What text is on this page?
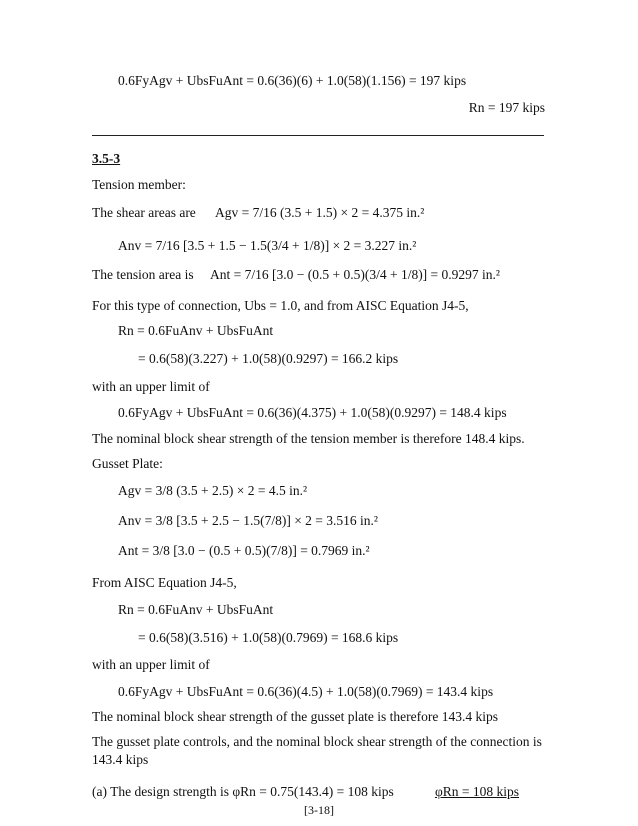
0.6FyAgv + UbsFuAnt = 0.6(36)(6) + 1.0(58)(1.156) = 197 kips
Rn = 197 kips
3.5-3
Tension member:
The shear areas are Agv = 7/16 (3.5 + 1.5) × 2 = 4.375 in.²
Anv = 7/16 [3.5 + 1.5 − 1.5(3/4 + 1/8)] × 2 = 3.227 in.²
The tension area is Ant = 7/16 [3.0 − (0.5 + 0.5)(3/4 + 1/8)] = 0.9297 in.²
For this type of connection, Ubs = 1.0, and from AISC Equation J4-5,
Rn = 0.6FuAnv + UbsFuAnt
= 0.6(58)(3.227) + 1.0(58)(0.9297) = 166.2 kips
with an upper limit of
0.6FyAgv + UbsFuAnt = 0.6(36)(4.375) + 1.0(58)(0.9297) = 148.4 kips
The nominal block shear strength of the tension member is therefore 148.4 kips.
Gusset Plate:
Agv = 3/8 (3.5 + 2.5) × 2 = 4.5 in.²
Anv = 3/8 [3.5 + 2.5 − 1.5(7/8)] × 2 = 3.516 in.²
Ant = 3/8 [3.0 − (0.5 + 0.5)(7/8)] = 0.7969 in.²
From AISC Equation J4-5,
Rn = 0.6FuAnv + UbsFuAnt
= 0.6(58)(3.516) + 1.0(58)(0.7969) = 168.6 kips
with an upper limit of
0.6FyAgv + UbsFuAnt = 0.6(36)(4.5) + 1.0(58)(0.7969) = 143.4 kips
The nominal block shear strength of the gusset plate is therefore 143.4 kips
The gusset plate controls, and the nominal block shear strength of the connection is
143.4 kips
(a) The design strength is φRn = 0.75(143.4) = 108 kips	φRn = 108 kips
[3-18]
